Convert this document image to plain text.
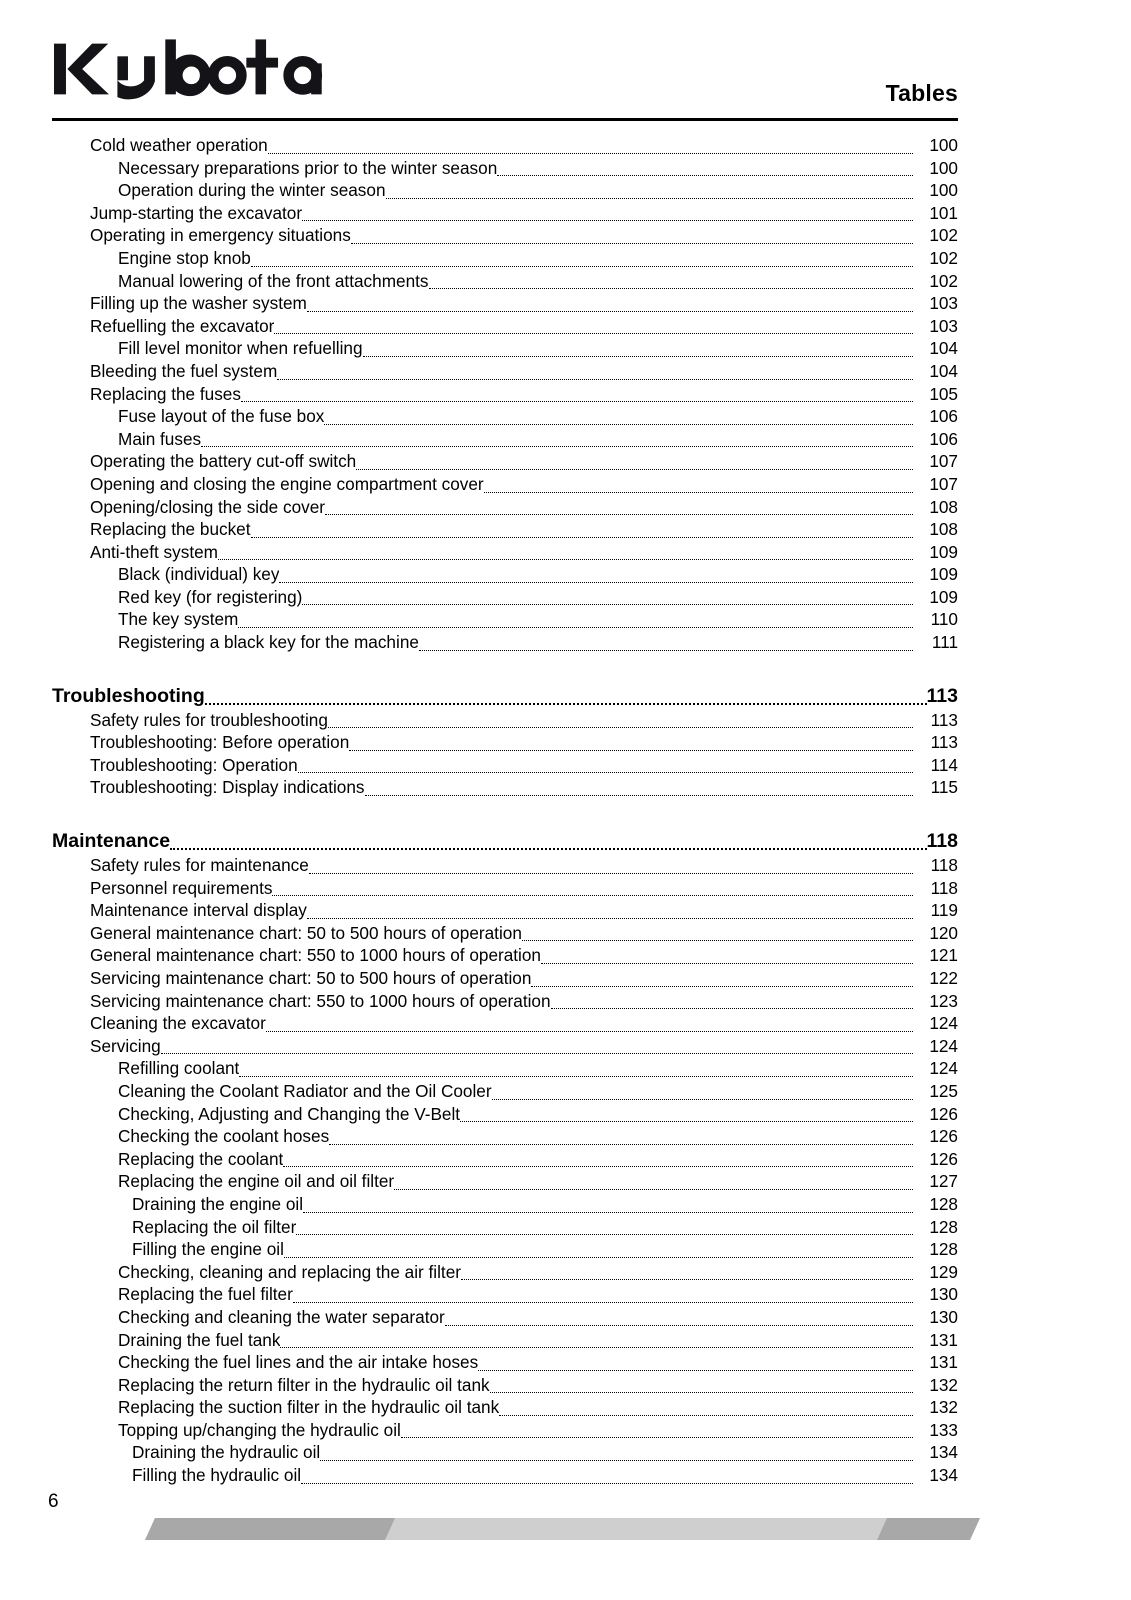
Tables
Cold weather operation	100
Necessary preparations prior to the winter season	100
Operation during the winter season	100
Jump-starting the excavator	101
Operating in emergency situations	102
Engine stop knob	102
Manual lowering of the front attachments	102
Filling up the washer system	103
Refuelling the excavator	103
Fill level monitor when refuelling	104
Bleeding the fuel system	104
Replacing the fuses	105
Fuse layout of the fuse box	106
Main fuses	106
Operating the battery cut-off switch	107
Opening and closing the engine compartment cover	107
Opening/closing the side cover	108
Replacing the bucket	108
Anti-theft system	109
Black (individual) key	109
Red key (for registering)	109
The key system	110
Registering a black key for the machine	111
Troubleshooting	113
Safety rules for troubleshooting	113
Troubleshooting: Before operation	113
Troubleshooting: Operation	114
Troubleshooting: Display indications	115
Maintenance	118
Safety rules for maintenance	118
Personnel requirements	118
Maintenance interval display	119
General maintenance chart: 50 to 500 hours of operation	120
General maintenance chart: 550 to 1000 hours of operation	121
Servicing maintenance chart: 50 to 500 hours of operation	122
Servicing maintenance chart: 550 to 1000 hours of operation	123
Cleaning the excavator	124
Servicing	124
Refilling coolant	124
Cleaning the Coolant Radiator and the Oil Cooler	125
Checking, Adjusting and Changing the V-Belt	126
Checking the coolant hoses	126
Replacing the coolant	126
Replacing the engine oil and oil filter	127
Draining the engine oil	128
Replacing the oil filter	128
Filling the engine oil	128
Checking, cleaning and replacing the air filter	129
Replacing the fuel filter	130
Checking and cleaning the water separator	130
Draining the fuel tank	131
Checking the fuel lines and the air intake hoses	131
Replacing the return filter in the hydraulic oil tank	132
Replacing the suction filter in the hydraulic oil tank	132
Topping up/changing the hydraulic oil	133
Draining the hydraulic oil	134
Filling the hydraulic oil	134
6
